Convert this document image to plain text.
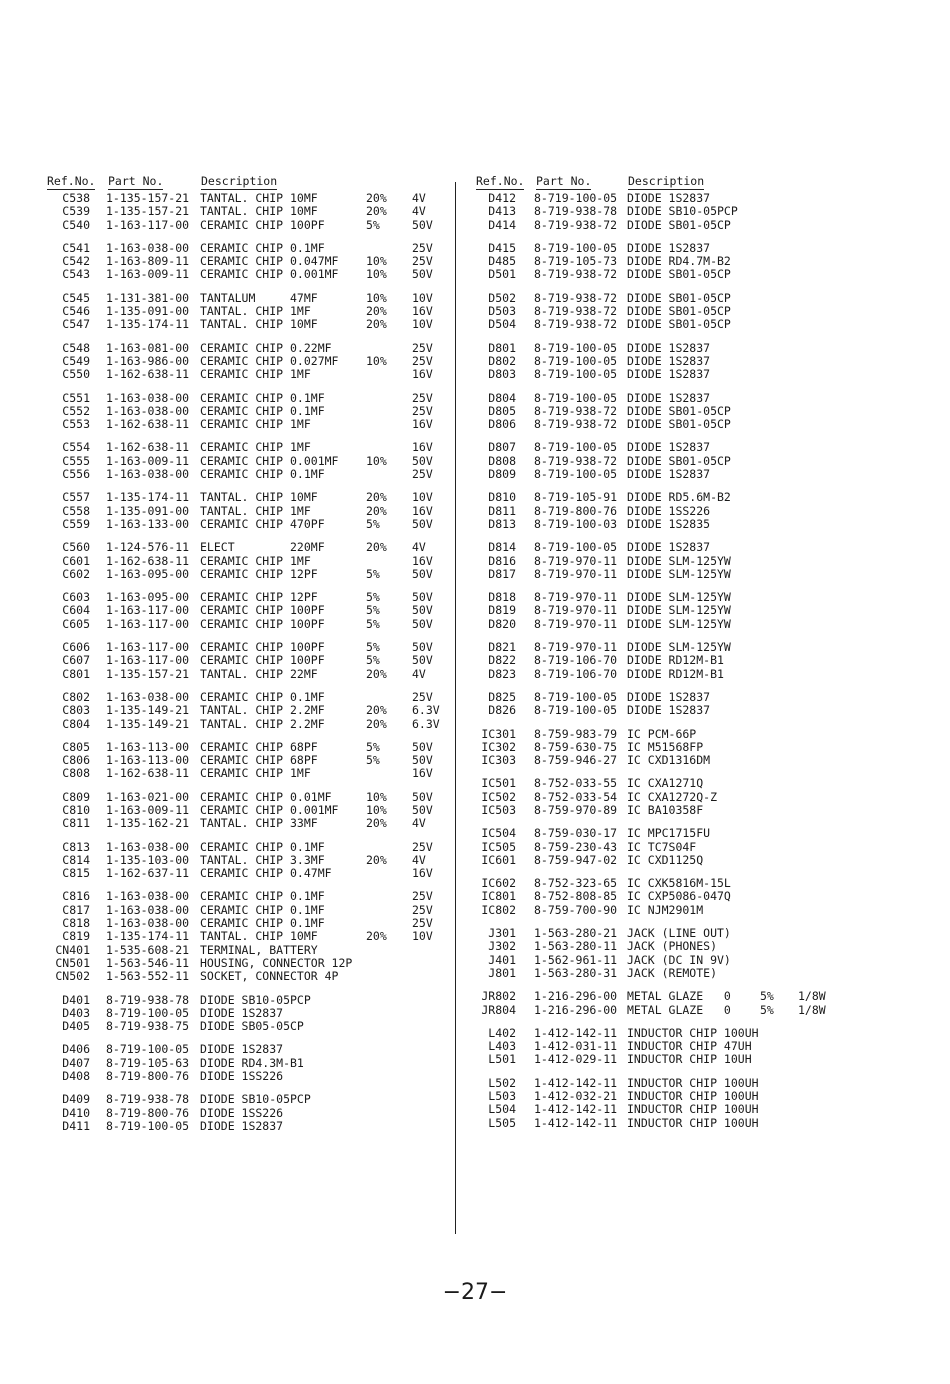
Ref.No. Part No.	Description
C538 1-135-157-21 TANTAL. CHIP 10MF	20% 4V
C539 1-135-157-21 TANTAL. CHIP 10MF	20% 4V
C540 1-163-117-00 CERAMIC CHIP 100PF	5%	50V
C541 1-163-038-00 CERAMIC CHIP 0.1MF	25V
C542 1-163-809-11 CERAMIC CHIP 0.047MF 10% 25V
C543 1-163-009-11 CERAMIC CHIP 0.001MF 10% 50V
C545 1-131-381-00 TANTALUM     47MF	10% 10V
C546 1-135-091-00 TANTAL. CHIP 1MF	20% 16V
C547 1-135-174-11 TANTAL. CHIP 10MF	20% 10V
C548 1-163-081-00 CERAMIC CHIP 0.22MF	25V
C549 1-163-986-00 CERAMIC CHIP 0.027MF 10% 25V
C550 1-162-638-11 CERAMIC CHIP 1MF	16V
C551 1-163-038-00 CERAMIC CHIP 0.1MF	25V
C552 1-163-038-00 CERAMIC CHIP 0.1MF	25V
C553 1-162-638-11 CERAMIC CHIP 1MF	16V
C554 1-162-638-11 CERAMIC CHIP 1MF	16V
C555 1-163-009-11 CERAMIC CHIP 0.001MF 10% 50V
C556 1-163-038-00 CERAMIC CHIP 0.1MF	25V
C557 1-135-174-11 TANTAL. CHIP 10MF	20% 10V
C558 1-135-091-00 TANTAL. CHIP 1MF	20% 16V
C559 1-163-133-00 CERAMIC CHIP 470PF	5%	50V
C560 1-124-576-11 ELECT        220MF	20% 4V
C601 1-162-638-11 CERAMIC CHIP 1MF	16V
C602 1-163-095-00 CERAMIC CHIP 12PF	5%	50V
C603 1-163-095-00 CERAMIC CHIP 12PF	5%	50V
C604 1-163-117-00 CERAMIC CHIP 100PF	5%	50V
C605 1-163-117-00 CERAMIC CHIP 100PF	5%	50V
C606 1-163-117-00 CERAMIC CHIP 100PF	5%	50V
C607 1-163-117-00 CERAMIC CHIP 100PF	5%	50V
C801 1-135-157-21 TANTAL. CHIP 22MF	20% 4V
C802 1-163-038-00 CERAMIC CHIP 0.1MF	25V
C803 1-135-149-21 TANTAL. CHIP 2.2MF	20% 6.3V
C804 1-135-149-21 TANTAL. CHIP 2.2MF	20% 6.3V
C805 1-163-113-00 CERAMIC CHIP 68PF	5%	50V
C806 1-163-113-00 CERAMIC CHIP 68PF	5%	50V
C808 1-162-638-11 CERAMIC CHIP 1MF	16V
C809 1-163-021-00 CERAMIC CHIP 0.01MF	10% 50V
C810 1-163-009-11 CERAMIC CHIP 0.001MF 10% 50V
C811 1-135-162-21 TANTAL. CHIP 33MF	20% 4V
C813 1-163-038-00 CERAMIC CHIP 0.1MF	25V
C814 1-135-103-00 TANTAL. CHIP 3.3MF	20% 4V
C815 1-162-637-11 CERAMIC CHIP 0.47MF	16V
C816 1-163-038-00 CERAMIC CHIP 0.1MF	25V
C817 1-163-038-00 CERAMIC CHIP 0.1MF	25V
C818 1-163-038-00 CERAMIC CHIP 0.1MF	25V
C819 1-135-174-11 TANTAL. CHIP 10MF	20% 10V
CN401 1-535-608-21 TERMINAL, BATTERY
CN501 1-563-546-11 HOUSING, CONNECTOR 12P
CN502 1-563-552-11 SOCKET, CONNECTOR 4P
D401 8-719-938-78 DIODE SB10-05PCP
D403 8-719-100-05 DIODE 1S2837
D405 8-719-938-75 DIODE SB05-05CP
D406 8-719-100-05 DIODE 1S2837
D407 8-719-105-63 DIODE RD4.3M-B1
D408 8-719-800-76 DIODE 1SS226
D409 8-719-938-78 DIODE SB10-05PCP
D410 8-719-800-76 DIODE 1SS226
D411 8-719-100-05 DIODE 1S2837
Ref.No. Part No.	Description
D412 8-719-100-05 DIODE 1S2837
D413 8-719-938-78 DIODE SB10-05PCP
D414 8-719-938-72 DIODE SB01-05CP
D415 8-719-100-05 DIODE 1S2837
D485 8-719-105-73 DIODE RD4.7M-B2
D501 8-719-938-72 DIODE SB01-05CP
D502 8-719-938-72 DIODE SB01-05CP
D503 8-719-938-72 DIODE SB01-05CP
D504 8-719-938-72 DIODE SB01-05CP
D801 8-719-100-05 DIODE 1S2837
D802 8-719-100-05 DIODE 1S2837
D803 8-719-100-05 DIODE 1S2837
D804 8-719-100-05 DIODE 1S2837
D805 8-719-938-72 DIODE SB01-05CP
D806 8-719-938-72 DIODE SB01-05CP
D807 8-719-100-05 DIODE 1S2837
D808 8-719-938-72 DIODE SB01-05CP
D809 8-719-100-05 DIODE 1S2837
D810 8-719-105-91 DIODE RD5.6M-B2
D811 8-719-800-76 DIODE 1SS226
D813 8-719-100-03 DIODE 1S2835
D814 8-719-100-05 DIODE 1S2837
D816 8-719-970-11 DIODE SLM-125YW
D817 8-719-970-11 DIODE SLM-125YW
D818 8-719-970-11 DIODE SLM-125YW
D819 8-719-970-11 DIODE SLM-125YW
D820 8-719-970-11 DIODE SLM-125YW
D821 8-719-970-11 DIODE SLM-125YW
D822 8-719-106-70 DIODE RD12M-B1
D823 8-719-106-70 DIODE RD12M-B1
D825 8-719-100-05 DIODE 1S2837
D826 8-719-100-05 DIODE 1S2837
IC301 8-759-983-79 IC PCM-66P
IC302 8-759-630-75 IC M51568FP
IC303 8-759-946-27 IC CXD1316DM
IC501 8-752-033-55 IC CXA1271Q
IC502 8-752-033-54 IC CXA1272Q-Z
IC503 8-759-970-89 IC BA10358F
IC504 8-759-030-17 IC MPC1715FU
IC505 8-759-230-43 IC TC7S04F
IC601 8-759-947-02 IC CXD1125Q
IC602 8-752-323-65 IC CXK5816M-15L
IC801 8-752-808-85 IC CXP5086-047Q
IC802 8-759-700-90 IC NJM2901M
J301 1-563-280-21 JACK (LINE OUT)
J302 1-563-280-11 JACK (PHONES)
J401 1-562-961-11 JACK (DC IN 9V)
J801 1-563-280-31 JACK (REMOTE)
JR802 1-216-296-00 METAL GLAZE   0	5% 1/8W
JR804 1-216-296-00 METAL GLAZE   0	5% 1/8W
L402 1-412-142-11 INDUCTOR CHIP 100UH
L403 1-412-031-11 INDUCTOR CHIP 47UH
L501 1-412-029-11 INDUCTOR CHIP 10UH
L502 1-412-142-11 INDUCTOR CHIP 100UH
L503 1-412-032-21 INDUCTOR CHIP 100UH
L504 1-412-142-11 INDUCTOR CHIP 100UH
L505 1-412-142-11 INDUCTOR CHIP 100UH
−27−
